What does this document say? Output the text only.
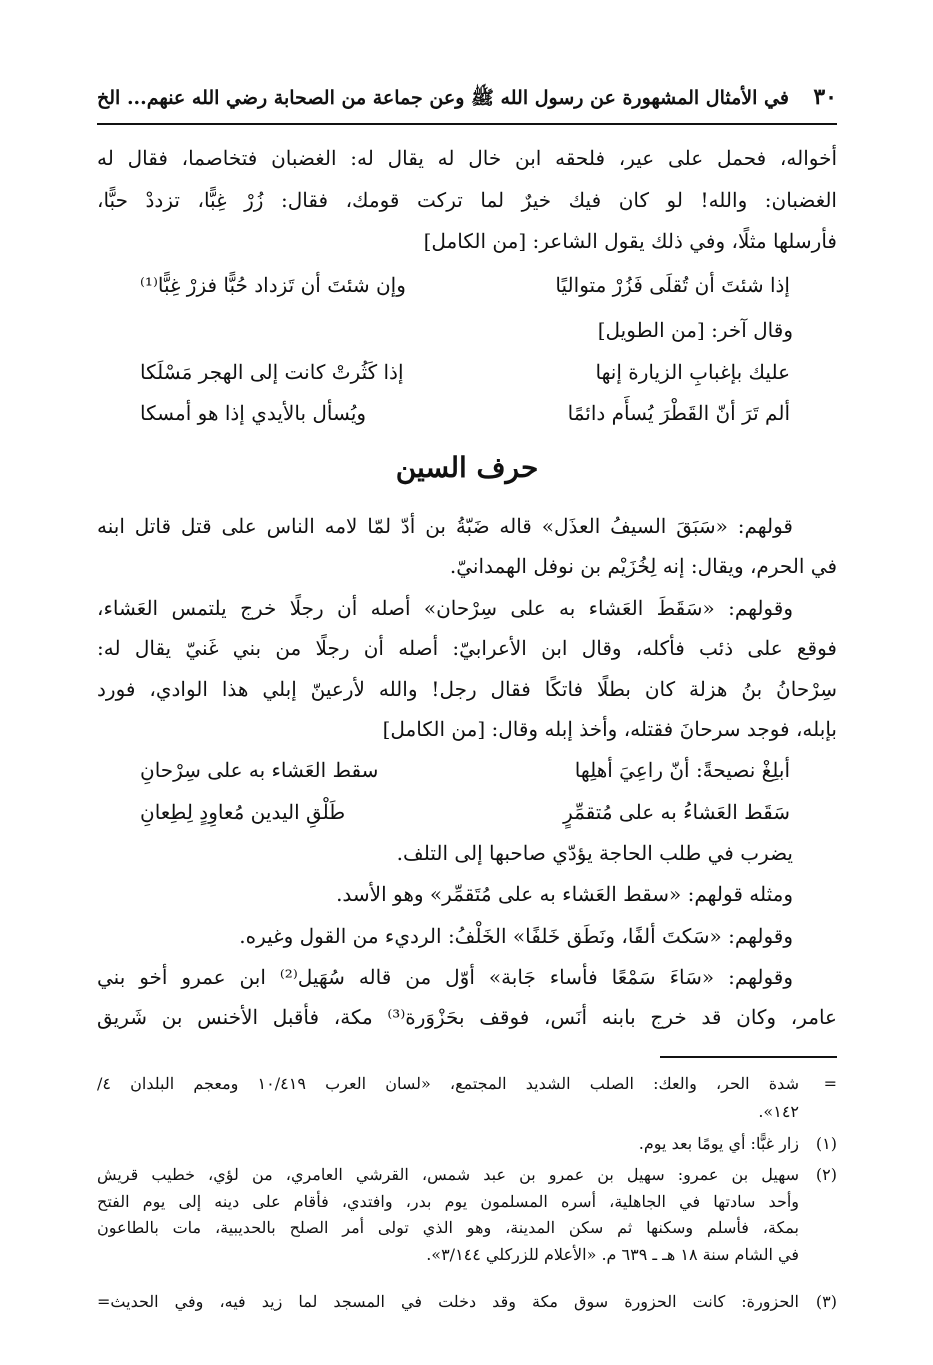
٣٠
في الأمثال المشهورة عن رسول الله ﷺ وعن جماعة من الصحابة رضي الله عنهم... الخ
أخواله، فحمل على عير، فلحقه ابن خال له يقال له: الغضبان فتخاصما، فقال له
الغضبان: والله! لو كان فيك خيرٌ لما تركت قومك، فقال: زُرْ غِبًّا، تزددْ حبًّا،
فأرسلها مثلًا، وفي ذلك يقول الشاعر: [من الكامل]
إذا شئتَ أن تُقلَى فَزُرْ متواليًا
وإن شئتَ أن تَزداد حُبًّا فزرْ غِبًّا⁽¹⁾
وقال آخر: [من الطويل]
عليك بإغبابِ الزيارة إنها
إذا كَثُرتْ كانت إلى الهجر مَسْلَكا
ألم تَرَ أنّ القَطْرَ يُسأَم دائمًا
ويُسأل بالأيدي إذا هو أمسكا
حرف السين
قولهم: «سَبَقَ السيفُ العذَل» قاله ضَبّةُ بن أدّ لمّا لامه الناس على قتل قاتل ابنه
في الحرم، ويقال: إنه لِخُزَيْم بن نوفل الهمدانيّ.
وقولهم: «سَقَطَ العَشاء به على سِرْحان» أصله أن رجلًا خرج يلتمس العَشاء،
فوقع على ذئب فأكله، وقال ابن الأعرابيّ: أصله أن رجلًا من بني غَنيّ يقال له:
سِرْحانُ بنُ هزلة كان بطلًا فاتكًا فقال رجل! والله لأرعينّ إبلي هذا الوادي، فورد
بإبله، فوجد سرحانَ فقتله، وأخذ إبله وقال: [من الكامل]
أبلِغْ نصيحةً: أنّ راعِيَ أهلِها
سقط العَشاء به على سِرْحانِ
سَقَط العَشاءُ به على مُتقمِّرٍ
طَلْقِ اليدين مُعاوِدٍ لِطِعانِ
يضرب في طلب الحاجة يؤدّي صاحبها إلى التلف.
ومثله قولهم: «سقط العَشاء به على مُتَقمِّر» وهو الأسد.
وقولهم: «سَكتَ ألفًا، ونَطَق خَلفًا» الخَلْفُ: الرديء من القول وغيره.
وقولهم: «سَاءَ سَمْعًا فأساء جَابة» أوّل من قاله سُهَيل⁽²⁾ ابن عمرو أخو بني
عامر، وكان قد خرج بابنه أنَس، فوقف بحَزْوَرة⁽³⁾ مكة، فأقبل الأخنس بن شَريق
=شدة الحر، والعك: الصلب الشديد المجتمع، «لسان العرب ١٠/٤١٩ ومعجم البلدان ٤/
١٤٢».
(١)زار غبًّا: أي يومًا بعد يوم.
(٢)سهيل بن عمرو: سهيل بن عمرو بن عبد شمس، القرشي العامري، من لؤي، خطيب قريش
وأحد سادتها في الجاهلية، أسره المسلمون يوم بدر، وافتدي، فأقام على دينه إلى يوم الفتح
بمكة، فأسلم وسكنها ثم سكن المدينة، وهو الذي تولى أمر الصلح بالحديبية، مات بالطاعون
في الشام سنة ١٨ هـ ـ ٦٣٩ م. «الأعلام للزركلي ٣/١٤٤».
(٣)الحزورة: كانت الحزورة سوق مكة وقد دخلت في المسجد لما زيد فيه، وفي الحديث=
